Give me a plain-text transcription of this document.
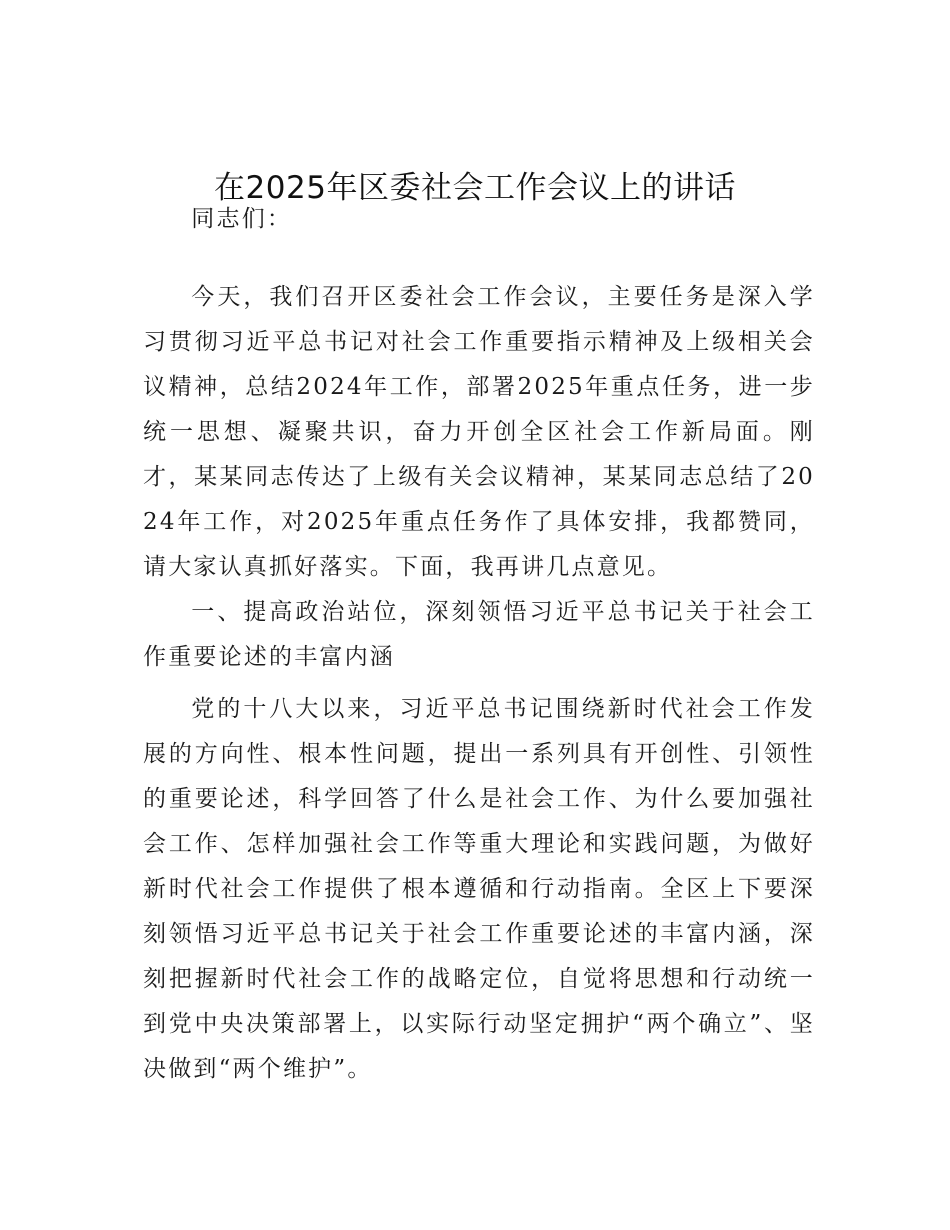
在2025年区委社会工作会议上的讲话

同志们：

今天，我们召开区委社会工作会议，主要任务是深入学习贯彻习近平总书记对社会工作重要指示精神及上级相关会议精神，总结2024年工作，部署2025年重点任务，进一步统一思想、凝聚共识，奋力开创全区社会工作新局面。刚才，某某同志传达了上级有关会议精神，某某同志总结了2024年工作，对2025年重点任务作了具体安排，我都赞同，请大家认真抓好落实。下面，我再讲几点意见。

一、提高政治站位，深刻领悟习近平总书记关于社会工作重要论述的丰富内涵

党的十八大以来，习近平总书记围绕新时代社会工作发展的方向性、根本性问题，提出一系列具有开创性、引领性的重要论述，科学回答了什么是社会工作、为什么要加强社会工作、怎样加强社会工作等重大理论和实践问题，为做好新时代社会工作提供了根本遵循和行动指南。全区上下要深刻领悟习近平总书记关于社会工作重要论述的丰富内涵，深刻把握新时代社会工作的战略定位，自觉将思想和行动统一到党中央决策部署上，以实际行动坚定拥护“两个确立”、坚决做到“两个维护”。
